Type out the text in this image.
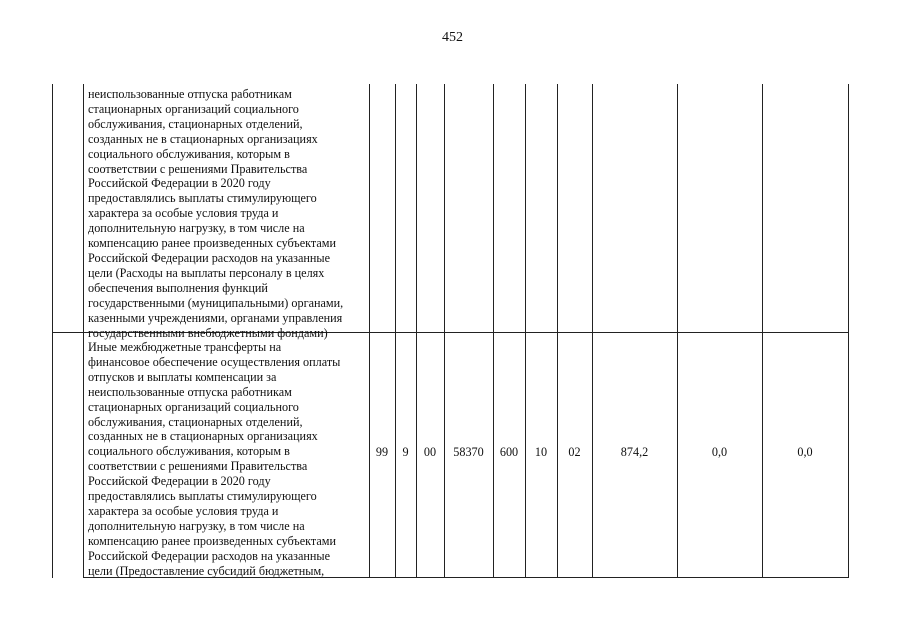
452
неиспользованные отпуска работникам
стационарных организаций социального
обслуживания, стационарных отделений,
созданных не в стационарных организациях
социального обслуживания, которым в
соответствии с решениями Правительства
Российской Федерации в 2020 году
предоставлялись выплаты стимулирующего
характера за особые условия труда и
дополнительную нагрузку, в том числе на
компенсацию ранее произведенных субъектами
Российской Федерации расходов на указанные
цели (Расходы на выплаты персоналу в целях
обеспечения выполнения функций
государственными (муниципальными) органами,
казенными учреждениями, органами управления
государственными внебюджетными фондами)
Иные межбюджетные трансферты на
финансовое обеспечение осуществления оплаты
отпусков и выплаты компенсации за
неиспользованные отпуска работникам
стационарных организаций социального
обслуживания, стационарных отделений,
созданных не в стационарных организациях
социального обслуживания, которым в
соответствии с решениями Правительства
Российской Федерации в 2020 году
предоставлялись выплаты стимулирующего
характера за особые условия труда и
дополнительную нагрузку, в том числе на
компенсацию ранее произведенных субъектами
Российской Федерации расходов на указанные
цели (Предоставление субсидий бюджетным,
99	9	00	58370	600	10	02	874,2	0,0	0,0
